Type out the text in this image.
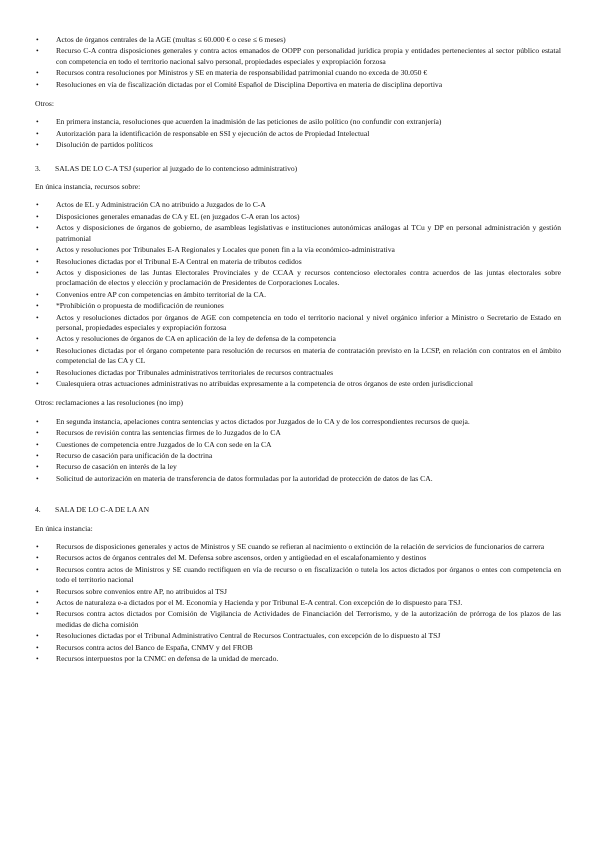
• Actos de órganos centrales de la AGE (multas ≤ 60.000 € o cese ≤ 6 meses)
• Recurso C-A contra disposiciones generales y contra actos emanados de OOPP con personalidad jurídica propia y entidades pertenecientes al sector público estatal con competencia en todo el territorio nacional salvo personal, propiedades especiales y expropiación forzosa
• Recursos contra resoluciones por Ministros y SE en materia de responsabilidad patrimonial cuando no exceda de 30.050 €
• Resoluciones en vía de fiscalización dictadas por el Comité Español de Disciplina Deportiva en materia de disciplina deportiva
Otros:
• En primera instancia, resoluciones que acuerden la inadmisión de las peticiones de asilo político (no confundir con extranjería)
• Autorización para la identificación de responsable en SSI y ejecución de actos de Propiedad Intelectual
• Disolución de partidos políticos
3. SALAS DE LO C-A TSJ (superior al juzgado de lo contencioso administrativo)
En única instancia, recursos sobre:
• Actos de EL y Administración CA no atribuido a Juzgados de lo C-A
• Disposiciones generales emanadas de CA y EL (en juzgados C-A eran los actos)
• Actos y disposiciones de órganos de gobierno, de asambleas legislativas e instituciones autonómicas análogas al TCu y DP en personal administración y gestión patrimonial
• Actos y resoluciones por Tribunales E-A Regionales y Locales que ponen fin a la vía económico-administrativa
• Resoluciones dictadas por el Tribunal E-A Central en materia de tributos cedidos
• Actos y disposiciones de las Juntas Electorales Provinciales y de CCAA y recursos contencioso electorales contra acuerdos de las juntas electorales sobre proclamación de electos y elección y proclamación de Presidentes de Corporaciones Locales.
• Convenios entre AP con competencias en ámbito territorial de la CA.
• *Prohibición o propuesta de modificación de reuniones
• Actos y resoluciones dictados por órganos de AGE con competencia en todo el territorio nacional y nivel orgánico inferior a Ministro o Secretario de Estado en personal, propiedades especiales y expropiación forzosa
• Actos y resoluciones de órganos de CA en aplicación de la ley de defensa de la competencia
• Resoluciones dictadas por el órgano competente para resolución de recursos en materia de contratación previsto en la LCSP, en relación con contratos en el ámbito competencial de las CA y CL
• Resoluciones dictadas por Tribunales administrativos territoriales de recursos contractuales
• Cualesquiera otras actuaciones administrativas no atribuidas expresamente a la competencia de otros órganos de este orden jurisdiccional
Otros: reclamaciones a las resoluciones (no imp)
• En segunda instancia, apelaciones contra sentencias y actos dictados por Juzgados de lo CA y de los correspondientes recursos de queja.
• Recursos de revisión contra las sentencias firmes de lo Juzgados de lo CA
• Cuestiones de competencia entre Juzgados de lo CA con sede en la CA
• Recurso de casación para unificación de la doctrina
• Recurso de casación en interés de la ley
• Solicitud de autorización en materia de transferencia de datos formuladas por la autoridad de protección de datos de las CA.
4. SALA DE LO C-A DE LA AN
En única instancia:
• Recursos de disposiciones generales y actos de Ministros y SE cuando se refieran al nacimiento o extinción de la relación de servicios de funcionarios de carrera
• Recursos actos de órganos centrales del M. Defensa sobre ascensos, orden y antigüedad en el escalafonamiento y destinos
• Recursos contra actos de Ministros y SE cuando rectifiquen en vía de recurso o en fiscalización o tutela los actos dictados por órganos o entes con competencia en todo el territorio nacional
• Recursos sobre convenios entre AP, no atribuidos al TSJ
• Actos de naturaleza e-a dictados por el M. Economía y Hacienda y por Tribunal E-A central. Con excepción de lo dispuesto para TSJ.
• Recursos contra actos dictados por Comisión de Vigilancia de Actividades de Financiación del Terrorismo, y de la autorización de prórroga de los plazos de las medidas de dicha comisión
• Resoluciones dictadas por el Tribunal Administrativo Central de Recursos Contractuales, con excepción de lo dispuesto al TSJ
• Recursos contra actos del Banco de España, CNMV y del FROB
• Recursos interpuestos por la CNMC en defensa de la unidad de mercado.
